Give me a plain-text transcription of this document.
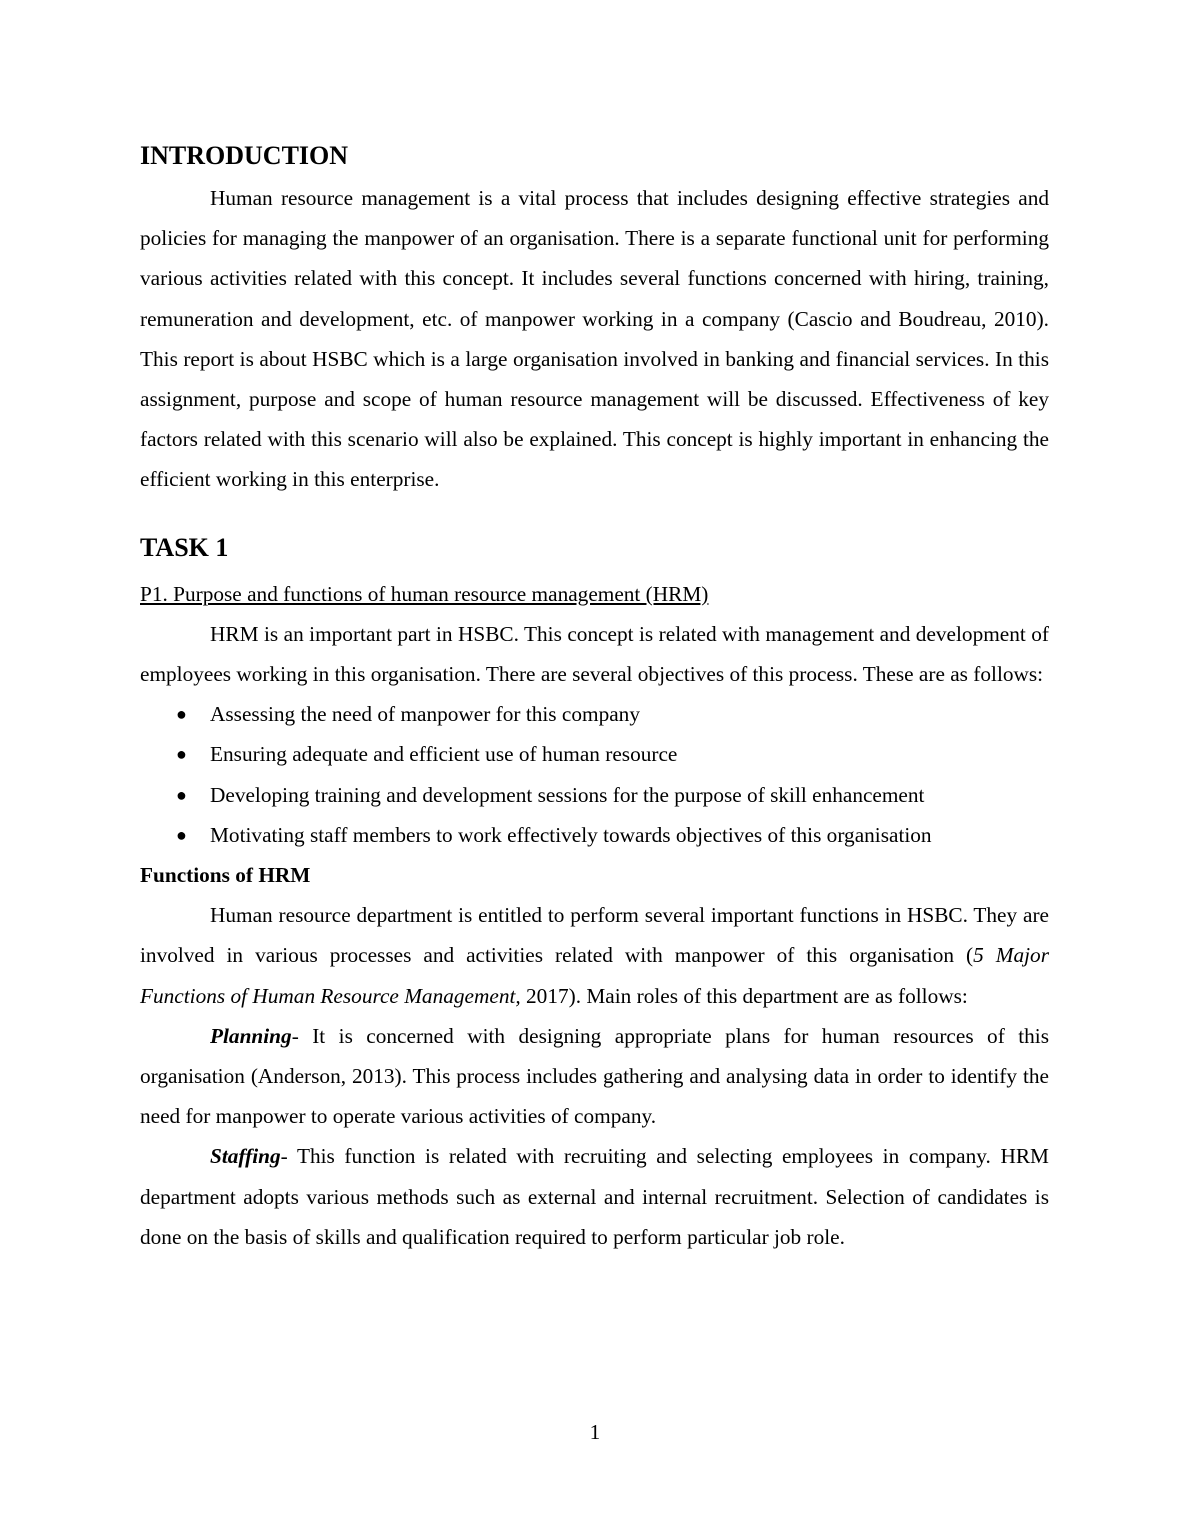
INTRODUCTION

Human resource management is a vital process that includes designing effective strategies and policies for managing the manpower of an organisation. There is a separate functional unit for performing various activities related with this concept. It includes several functions concerned with hiring, training, remuneration and development, etc. of manpower working in a company (Cascio and Boudreau, 2010). This report is about HSBC which is a large organisation involved in banking and financial services. In this assignment, purpose and scope of human resource management will be discussed. Effectiveness of key factors related with this scenario will also be explained. This concept is highly important in enhancing the efficient working in this enterprise.

TASK 1
P1. Purpose and functions of human resource management (HRM)

HRM is an important part in HSBC. This concept is related with management and development of employees working in this organisation. There are several objectives of this process. These are as follows:

● Assessing the need of manpower for this company
● Ensuring adequate and efficient use of human resource
● Developing training and development sessions for the purpose of skill enhancement
● Motivating staff members to work effectively towards objectives of this organisation
Functions of HRM

Human resource department is entitled to perform several important functions in HSBC. They are involved in various processes and activities related with manpower of this organisation (5 Major Functions of Human Resource Management, 2017). Main roles of this department are as follows:

Planning- It is concerned with designing appropriate plans for human resources of this organisation (Anderson, 2013). This process includes gathering and analysing data in order to identify the need for manpower to operate various activities of company.

Staffing- This function is related with recruiting and selecting employees in company. HRM department adopts various methods such as external and internal recruitment. Selection of candidates is done on the basis of skills and qualification required to perform particular job role.

1
